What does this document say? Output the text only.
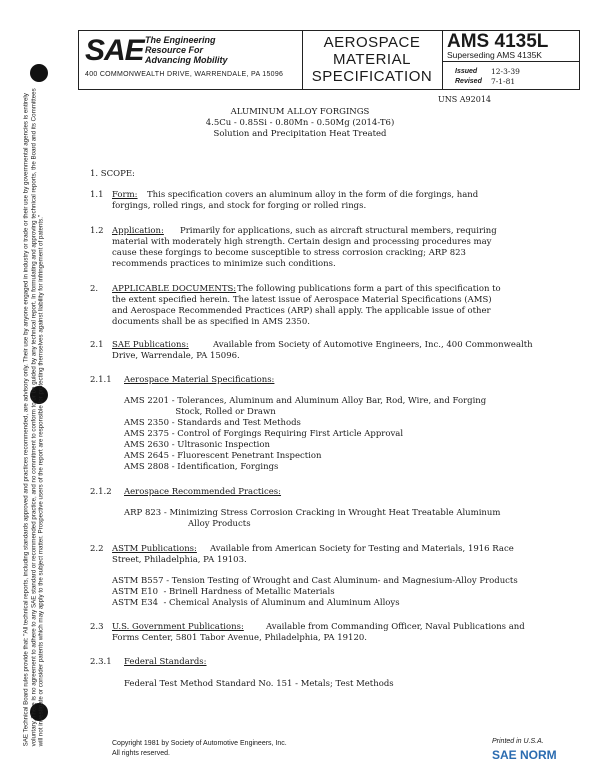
SAE Technical Board rules provide that: "All technical reports, including standards approved and practices recommended, are advisory only. Their use by anyone engaged in industry or trade or their use by governmental agencies is entirely voluntary. There is no agreement to adhere to any SAE standard or recommended practice, and no commitment to conform to or be guided by any technical report. In formulating and approving technical reports, the Board and its Committees will not investigate or consider patents which may apply to the subject matter. Prospective users of the report are responsible for protecting themselves against liability for infringement of patents."
SAE The Engineering
Resource For
Advancing Mobility
400 COMMONWEALTH DRIVE, WARRENDALE, PA 15096
AEROSPACE
MATERIAL
SPECIFICATION
AMS 4135L
Superseding AMS 4135K
Issued 12-3-39
Revised 7-1-81
UNS A92014
ALUMINUM ALLOY FORGINGS
4.5Cu - 0.85Si - 0.80Mn - 0.50Mg (2014-T6)
Solution and Precipitation Heat Treated
1. SCOPE:
1.1 Form: This specification covers an aluminum alloy in the form of die forgings, hand
forgings, rolled rings, and stock for forging or rolled rings.
1.2 Application: Primarily for applications, such as aircraft structural members, requiring
material with moderately high strength. Certain design and processing procedures may
cause these forgings to become susceptible to stress corrosion cracking; ARP 823
recommends practices to minimize such conditions.
2. APPLICABLE DOCUMENTS: The following publications form a part of this specification to
the extent specified herein. The latest issue of Aerospace Material Specifications (AMS)
and Aerospace Recommended Practices (ARP) shall apply. The applicable issue of other
documents shall be as specified in AMS 2350.
2.1 SAE Publications:	Available from Society of Automotive Engineers, Inc., 400 Commonwealth
Drive, Warrendale, PA 15096.
2.1.1 Aerospace Material Specifications:
AMS 2201 - Tolerances, Aluminum and Aluminum Alloy Bar, Rod, Wire, and Forging
Stock, Rolled or Drawn
AMS 2350 - Standards and Test Methods
AMS 2375 - Control of Forgings Requiring First Article Approval
AMS 2630 - Ultrasonic Inspection
AMS 2645 - Fluorescent Penetrant Inspection
AMS 2808 - Identification, Forgings
2.1.2 Aerospace Recommended Practices:
ARP 823 - Minimizing Stress Corrosion Cracking in Wrought Heat Treatable Aluminum
Alloy Products
2.2 ASTM Publications: Available from American Society for Testing and Materials, 1916 Race
Street, Philadelphia, PA 19103.
ASTM B557 - Tension Testing of Wrought and Cast Aluminum- and Magnesium-Alloy Products
ASTM E10  - Brinell Hardness of Metallic Materials
ASTM E34  - Chemical Analysis of Aluminum and Aluminum Alloys
2.3 U.S. Government Publications:	Available from Commanding Officer, Naval Publications and
Forms Center, 5801 Tabor Avenue, Philadelphia, PA 19120.
2.3.1 Federal Standards:
Federal Test Method Standard No. 151 - Metals; Test Methods
Copyright 1981 by Society of Automotive Engineers, Inc.
All rights reserved.
Printed in U.S.A.
SAE NORM
